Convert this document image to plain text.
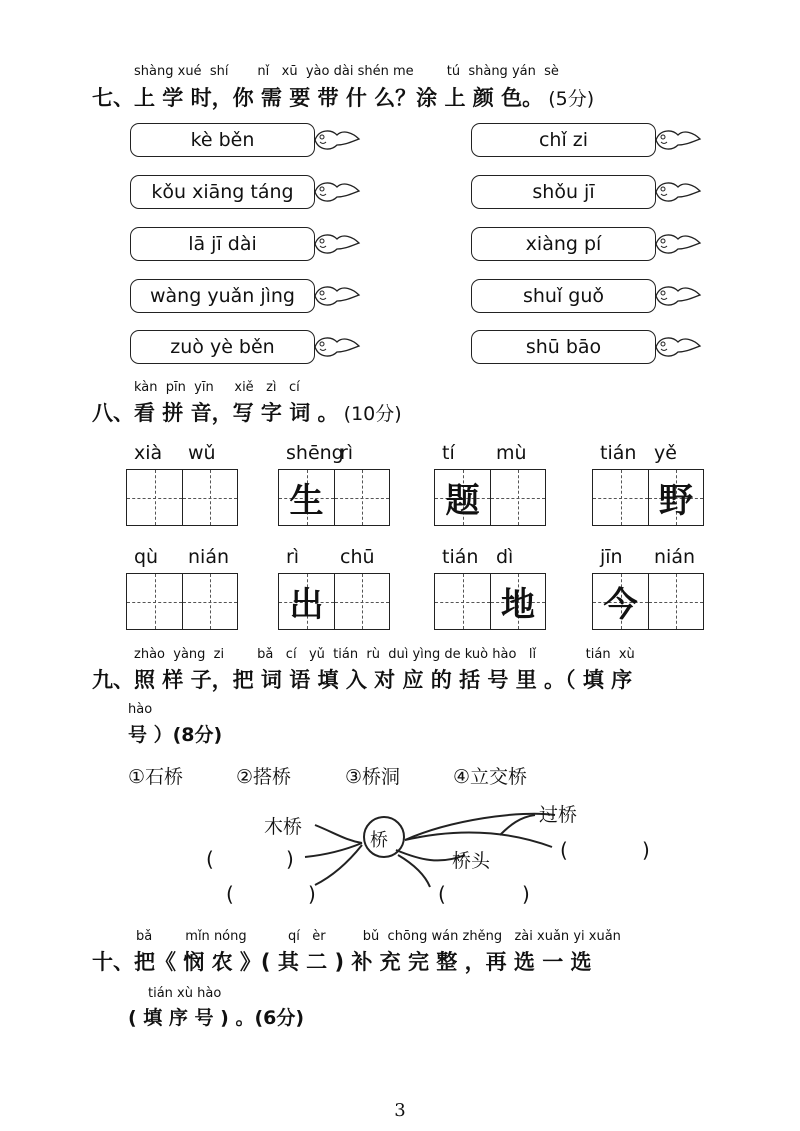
shàng xué shí nǐ xū yào dài shén me	tú shàng yán sè
七、上 学 时，你 需 要 带 什 么？涂 上 颜 色。 (5分)
kè běn
kǒu xiāng táng
lā jī dài
wàng yuǎn jìng
zuò yè běn
chǐ zi
shǒu jī
xiàng pí
shuǐ guǒ
shū bāo
kàn pīn yīn xiě zì cí
八、看 拼 音，写 字 词 。 (10分)
xià wǔ	shēng
rì
生
tí mù
题
tián yě
野
qù nián	rì chū
出
tián dì
地
jīn nián
今
zhào yàng zi	bǎ cí yǔ tián rù duì yìng de kuò hào lǐ	tián xù
九、照 样 子，把 词 语 填 入 对 应 的 括 号 里 。（ 填 序
hào
号 ）(8分)
①石桥	②搭桥	③桥洞	④立交桥
桥
木桥
过桥
桥头
(	)
(	)	(	)
(	)
bǎ	mǐn nóng	qí èr	bǔ chōng wán zhěng zài xuǎn yi xuǎn
十、把《 悯 农 》( 其 二 ) 补 充 完 整 ，再 选 一 选
tián xù hào
( 填 序 号 ) 。(6分)
3
